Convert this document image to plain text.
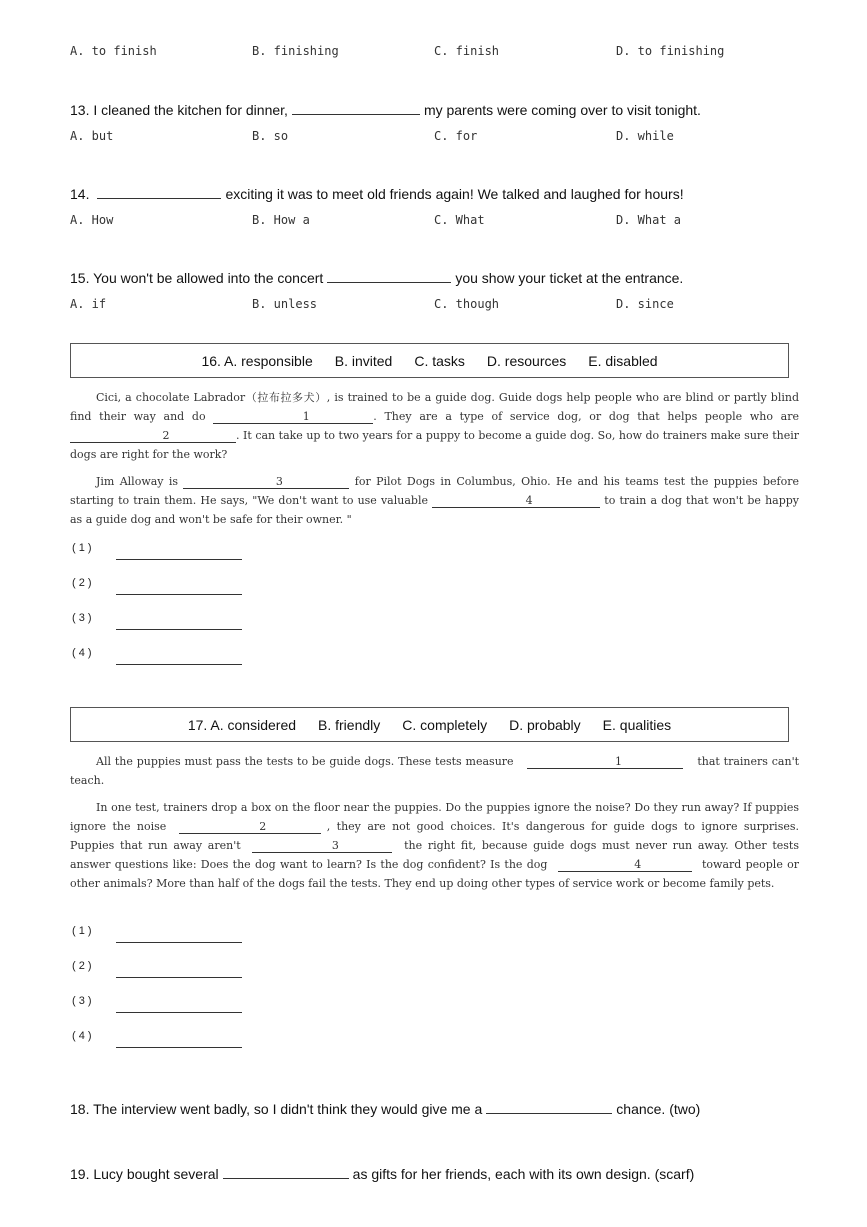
A. to finish	B. finishing	C. finish	D. to finishing
13. I cleaned the kitchen for dinner,	my parents were coming over to visit tonight.
A. but	B. so	C. for	D. while
14.	exciting it was to meet old friends again! We talked and laughed for hours!
A. How	B. How a	C. What	D. What a
15. You won't be allowed into the concert	you show your ticket at the entrance.
A. if	B. unless	C. though	D. since
16. A. responsible B. invited C. tasks D. resources E. disabled
Cici, a chocolate Labrador（拉布拉多犬）, is trained to be a guide dog. Guide dogs help people who are blind or partly blind find their way and do	1	. They are a type of service dog, or dog that helps people who are 2	. It can take up to two years for a puppy to become a guide dog. So, how do trainers make sure their dogs are right for the work?
Jim Alloway is	3	for Pilot Dogs in Columbus, Ohio. He and his teams test the puppies before starting to train them. He says, "We don't want to use valuable	4	to train a dog that won't be happy as a guide dog and won't be safe for their owner. "
( 1 )
( 2 )
( 3 )
( 4 )
17. A. considered B. friendly C. completely D. probably E. qualities
All the puppies must pass the tests to be guide dogs. These tests measure	1	that trainers can't teach.
In one test, trainers drop a box on the floor near the puppies. Do the puppies ignore the noise? Do they run away? If puppies ignore the noise	2	, they are not good choices. It's dangerous for guide dogs to ignore surprises. Puppies that run away aren't	3	the right fit, because guide dogs must never run away. Other tests answer questions like: Does the dog want to learn? Is the dog confident? Is the dog	4	toward people or other animals? More than half of the dogs fail the tests. They end up doing other types of service work or become family pets.
( 1 )
( 2 )
( 3 )
( 4 )
18. The interview went badly, so I didn't think they would give me a	chance. (two)
19. Lucy bought several	as gifts for her friends, each with its own design. (scarf)
